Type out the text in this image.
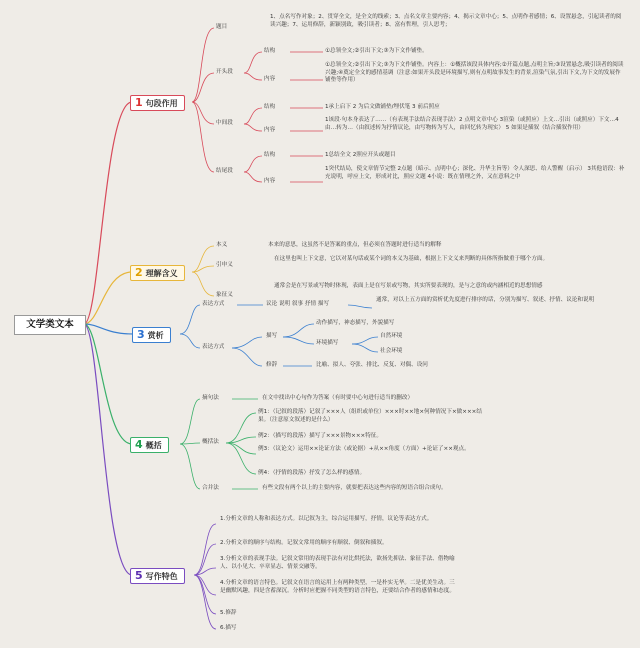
文学类文本
1 句段作用
题目
1、点名写作对象；2、贯穿全文，是全文的线索；3、点名文章主要内容；4、揭示文章中心；5、点明作者感情；6、设置悬念，引起读者的阅读兴趣；7、运用修辞，新颖别致，吸引读者；8、富有哲理，引人思考；
开头段
结构	①总领全文;②引出下文;③为下文作铺垫。
内容
①总领全文;②引出下文;③为下文作铺垫。内容上：①概括该段具体内容;②开篇点题,点明主旨;③设置悬念,吸引读者的阅读兴趣;④奠定全文的感情基调（注意:如果开头段是环境描写,则有点明故事发生的背景,渲染气氛,引出下文,为下文的发展作铺垫等作用）
中间段
结构	1承上启下 2 为后文做铺垫/埋伏笔 3 前后照应
内容
1该段·句本身表达了……（有表现手法结合表现手法）2 点明文章中心 3渲染（或照应）上文…引出（或照应）下文…4 由…转为…（由叙述转为抒情议论，由写物转为写人，由回忆转为现实） 5 如果是插叙（结合插叙作用）
结尾段
结构	1总结全文 2照应开头或题目
内容
1突代结局，使文章情节完整 2点题（暗示、点明中心；深化、升华主旨等）令人深思、给人警醒（启示） 3其他语段：补充说明，呼应上文，形成对比，照应文题 4小说：既在情理之外，又在意料之中
2 理解含义
本义	本来的意思，这虽然不是答案的重点，但必须在答题时进行适当的解释
引申义
在这里也叫上下文意，它以对某句话或某个词的本义为基础，根据上下文义来判断的具体所指做重于哪个方面。
象征义
通常会是在写景或写物时体现，表面上是在写景或写物，其实所要表现的，是与之意的或内涵相近的思想情感
3 赏析
表达方式	议论 说明 叙事 抒情 描写
通常，对以上五方面的赏析优先度进行排序的话，分别为描写、叙述、抒情、议论和说明
表达方式
描写
动作描写，神态描写，外貌描写
环境描写
自然环境
社会环境
修辞	比喻、拟人、夸张、排比、反复、对偶、设问
4 概括
摘句法	在文中找出中心句作为答案（有时要中心句进行适当的删改）
概括法
例1：（记叙的段落）记叙了×××人（组织或单位）×××时××地×何种情况下×做×××结果。（注意原文叙述的是什么）
例2：（描写的段落）描写了×××景物×××特征。
例3：（议论文）运用××论证方法（或论据）+从××角度（方面）+论证了××观点。
例4：（抒情的段落）抒发了怎么样的感情。
合并法	有些文段有两个以上的主要内容，就要把表达这些内容的短语合组合成句。
5 写作特色
1.分析文章的人称和表达方式。以记叙为主，综合运用描写，抒情，议论等表达方式。
2.分析文章的顺序与结构。记叙文常用的顺序有顺叙、倒叙和插叙。
3.分析文章的表现手法。记叙文常用的表现手法有对比烘托法，欲扬先抑法、象征手法、借物喻人、以小见大、卒章显志、情景交融等。
4.分析文章的语言特色。记叙文在语言的运用上有两种类型，一是朴实无华。二是优美生动。三是幽默风趣，四是含蓄深沉。分析时应把握不同类型的语言特色，还要结合作者的感情和态度。
5.修辞
6.描写
